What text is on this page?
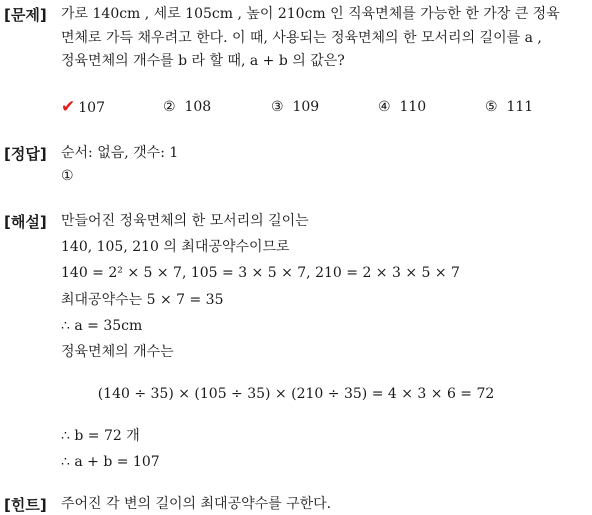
[문제] 가로 140cm , 세로 105cm , 높이 210cm 인 직육면체를 가능한 한 가장 큰 정육
면체로 가득 채우려고 한다. 이 때, 사용되는 정육면체의 한 모서리의 길이를 a ,
정육면체의 개수를 b 라 할 때, a + b 의 값은?
✔ 107	② 108	③ 109	④ 110	⑤ 111
[정답] 순서: 없음, 갯수: 1
①
[해설] 만들어진 정육면체의 한 모서리의 길이는
140, 105, 210 의 최대공약수이므로
140 = 2² × 5 × 7, 105 = 3 × 5 × 7, 210 = 2 × 3 × 5 × 7
최대공약수는 5 × 7 = 35
∴ a = 35cm
정육면체의 개수는
(140 ÷ 35) × (105 ÷ 35) × (210 ÷ 35) = 4 × 3 × 6 = 72
∴ b = 72 개
∴ a + b = 107
[힌트] 주어진 각 변의 길이의 최대공약수를 구한다.
